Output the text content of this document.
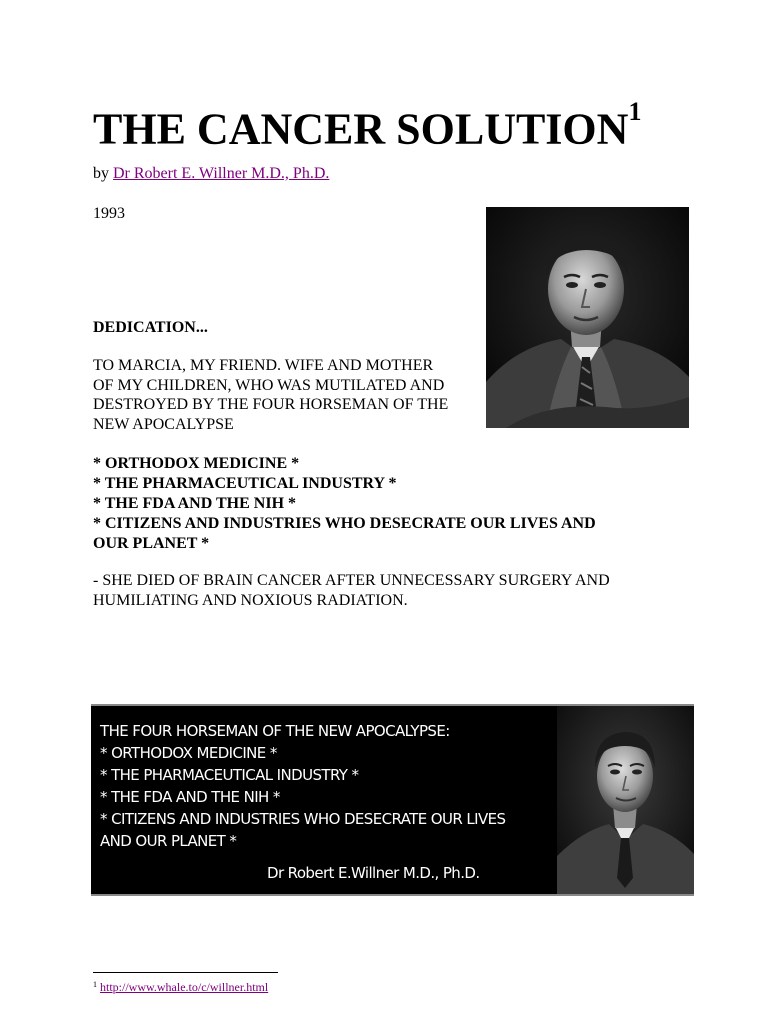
THE CANCER SOLUTION$^1$
by Dr Robert E. Willner M.D., Ph.D.
1993
DEDICATION...
TO MARCIA, MY FRIEND. WIFE AND MOTHER
OF MY CHILDREN, WHO WAS MUTILATED AND
DESTROYED BY THE FOUR HORSEMAN OF THE
NEW APOCALYPSE
* ORTHODOX MEDICINE *
* THE PHARMACEUTICAL INDUSTRY *
* THE FDA AND THE NIH *
* CITIZENS AND INDUSTRIES WHO DESECRATE OUR LIVES AND
OUR PLANET *
- SHE DIED OF BRAIN CANCER AFTER UNNECESSARY SURGERY AND
HUMILIATING AND NOXIOUS RADIATION.
THE FOUR HORSEMAN OF THE NEW APOCALYPSE:
* ORTHODOX MEDICINE *
* THE PHARMACEUTICAL INDUSTRY *
* THE FDA AND THE NIH *
* CITIZENS AND INDUSTRIES WHO DESECRATE OUR LIVES
AND OUR PLANET *
Dr Robert E.Willner M.D., Ph.D.
$^1$ http://www.whale.to/c/willner.html
